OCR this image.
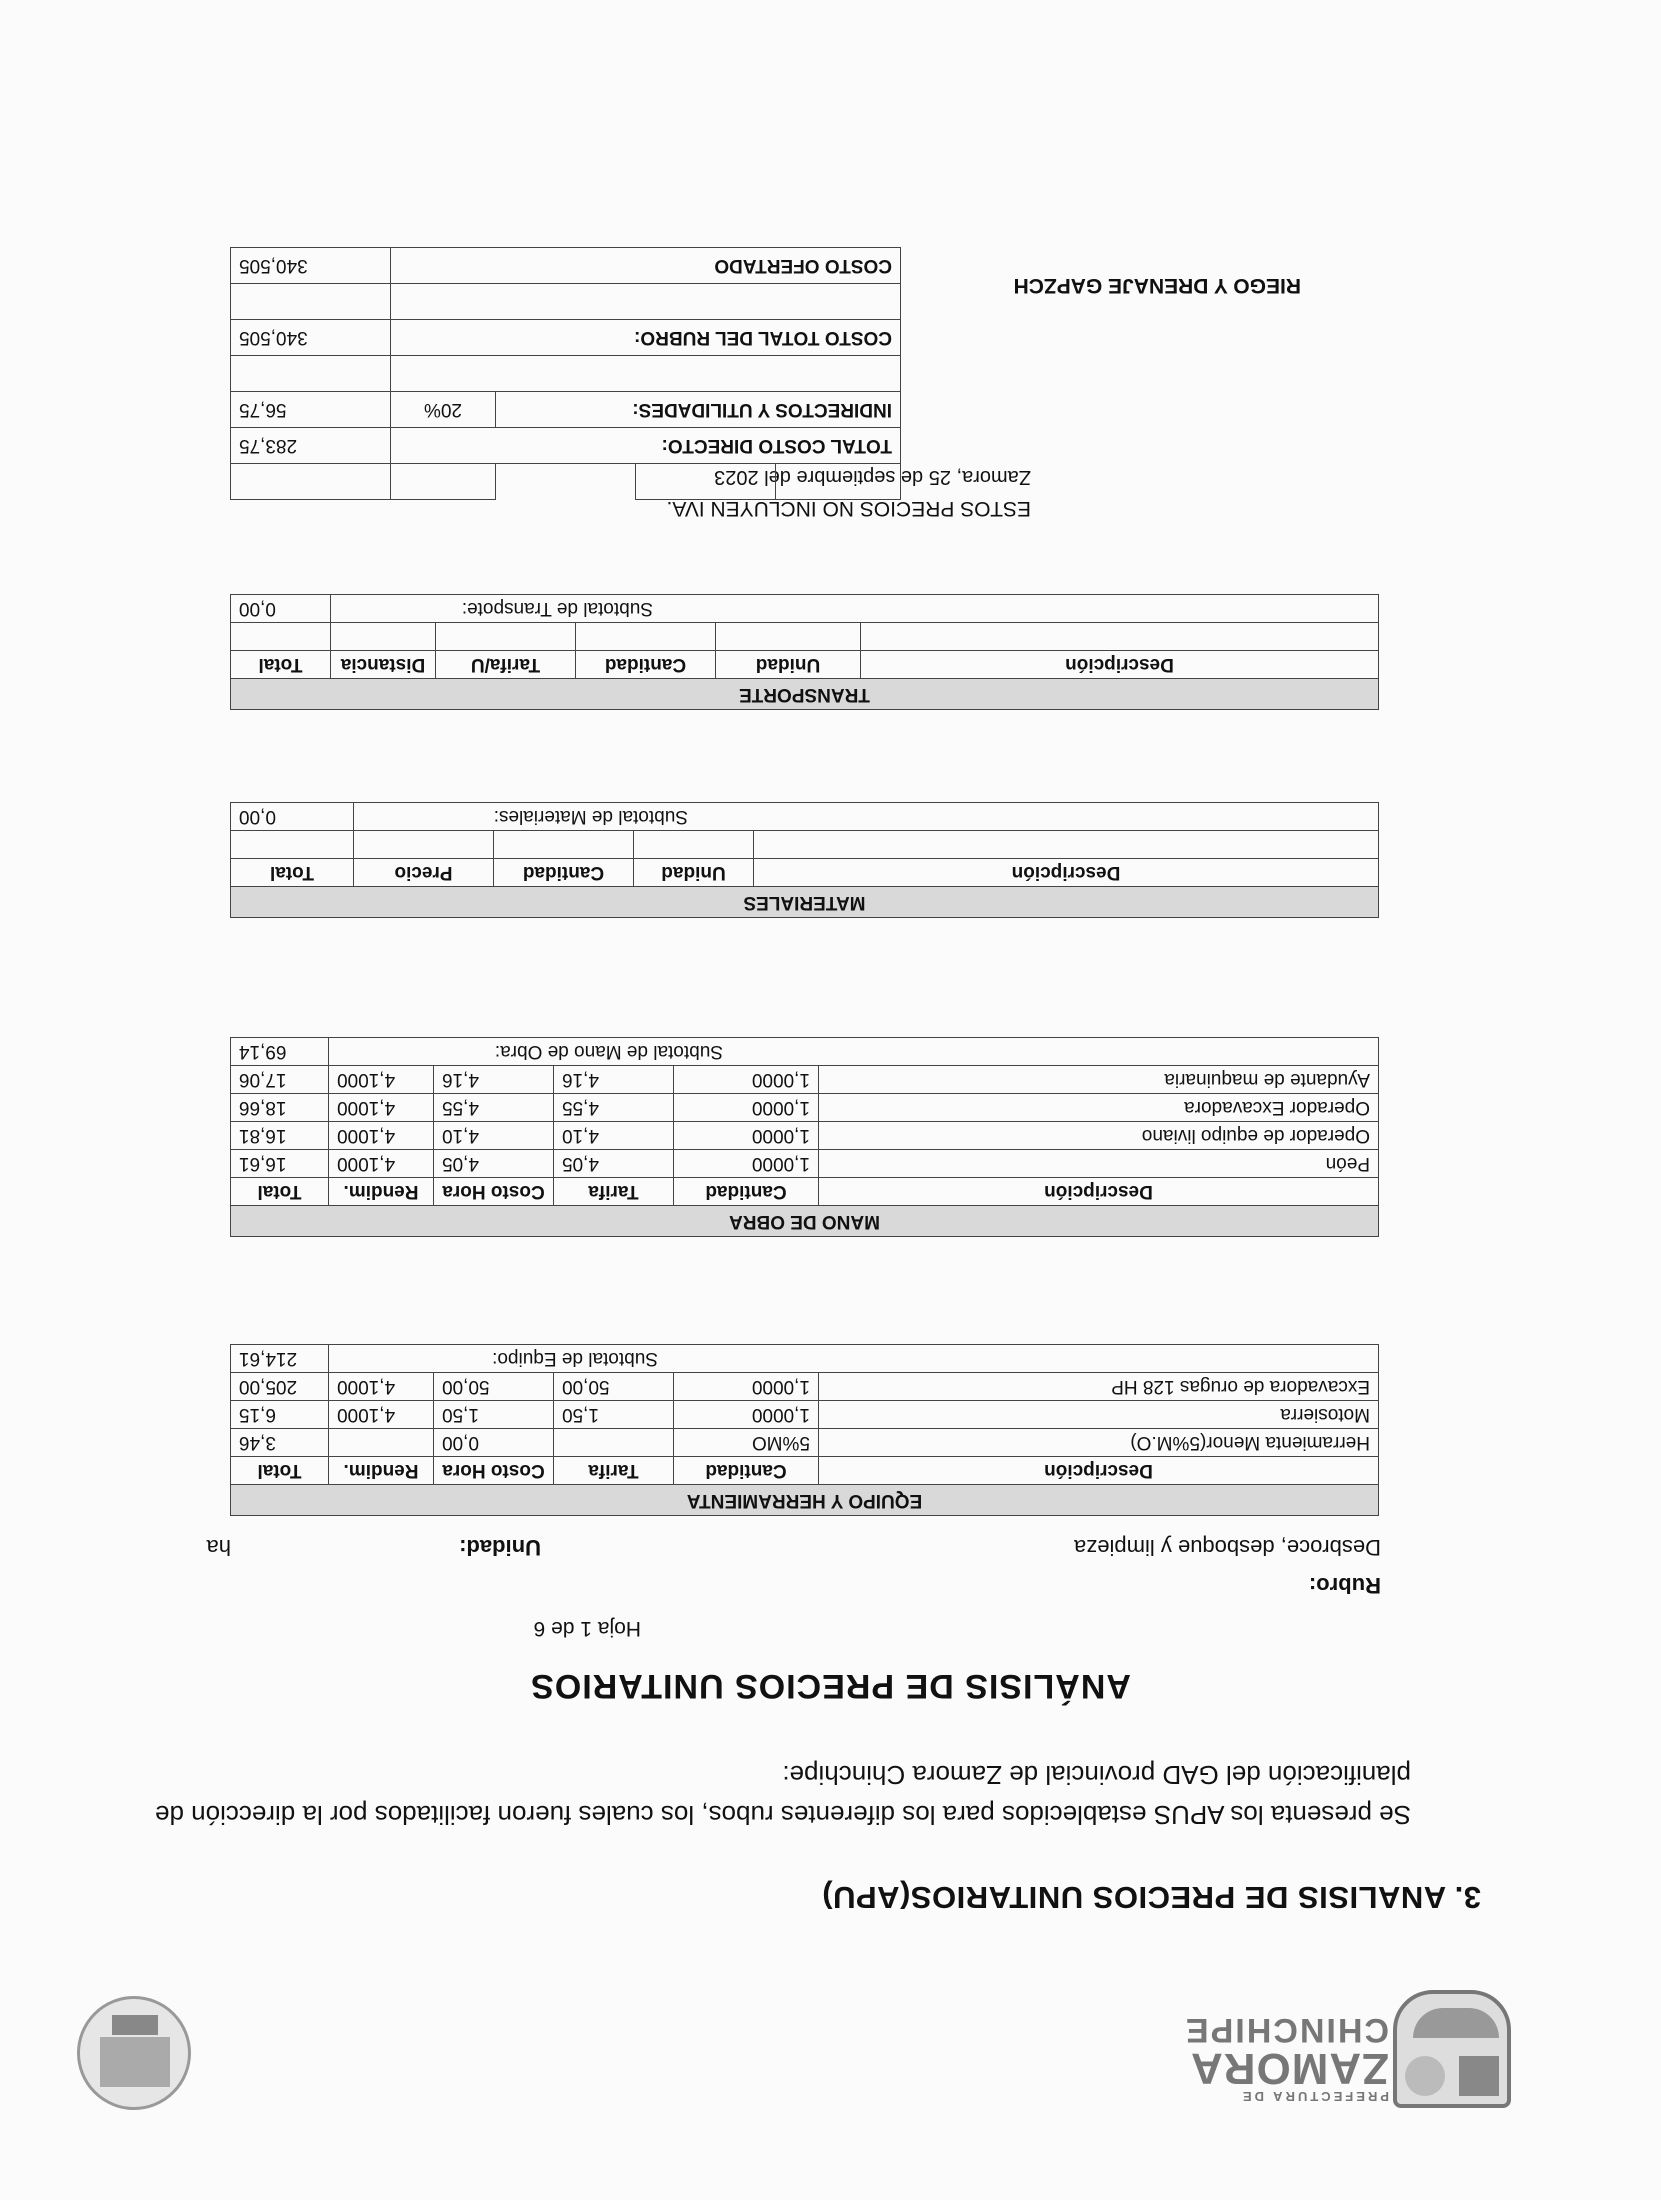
PREFECTURA DE
ZAMORA
CHINCHIPE
3. ANALISIS DE PRECIOS UNITARIOS(APU)
Se presenta los APUS establecidos para los diferentes rubos, los cuales fueron facilitados por la dirección de planificación del GAD provincial de Zamora Chinchipe:
ANÁLISIS DE PRECIOS UNITARIOS
Hoja 1 de 6
Rubro:
Desbroce, desboque y limpieza
Unidad:
ha
EQUIPO Y HERRAMIENTA					
Descripción	Cantidad	Tarifa	Costo Hora	Rendim.	Total
Herramienta Menor(5%M.O)	5%MO		0,00		3,46
Motosierra	1,0000	1,50	1,50	4,1000	6,15
Excavadora de orugas 128 HP	1,0000	50,00	50,00	4,1000	205,00
Subtotal de Equipo:					214,61
MANO DE OBRA					
Descripción	Cantidad	Tarifa	Costo Hora	Rendim.	Total
Peón	1,0000	4,05	4,05	4,1000	16,61
Operador de equipo liviano	1,0000	4,10	4,10	4,1000	16,81
Operador Excavadora	1,0000	4,55	4,55	4,1000	18,66
Ayudante de maquinaria	1,0000	4,16	4,16	4,1000	17,06
Subtotal de Mano de Obra:					69,14
MATERIALES				
Descripción	Unidad	Cantidad	Precio	Total

Subtotal de Materiales:				0,00
TRANSPORTE					
Descripción	Unidad	Cantidad	Tarifa/U	Distancia	Total

Subtotal de Transpote:					0,00
ESTOS PRECIOS NO INCLUYEN IVA.
Zamora, 25 de septiembre del 2023

TOTAL COSTO DIRECTO:				283,75
INDIRECTOS Y UTILIDADES:			20%	56,75

COSTO TOTAL DEL RUBRO:				340,505

COSTO OFERTADO				340,505
RIEGO Y DRENAJE GAPZCH
